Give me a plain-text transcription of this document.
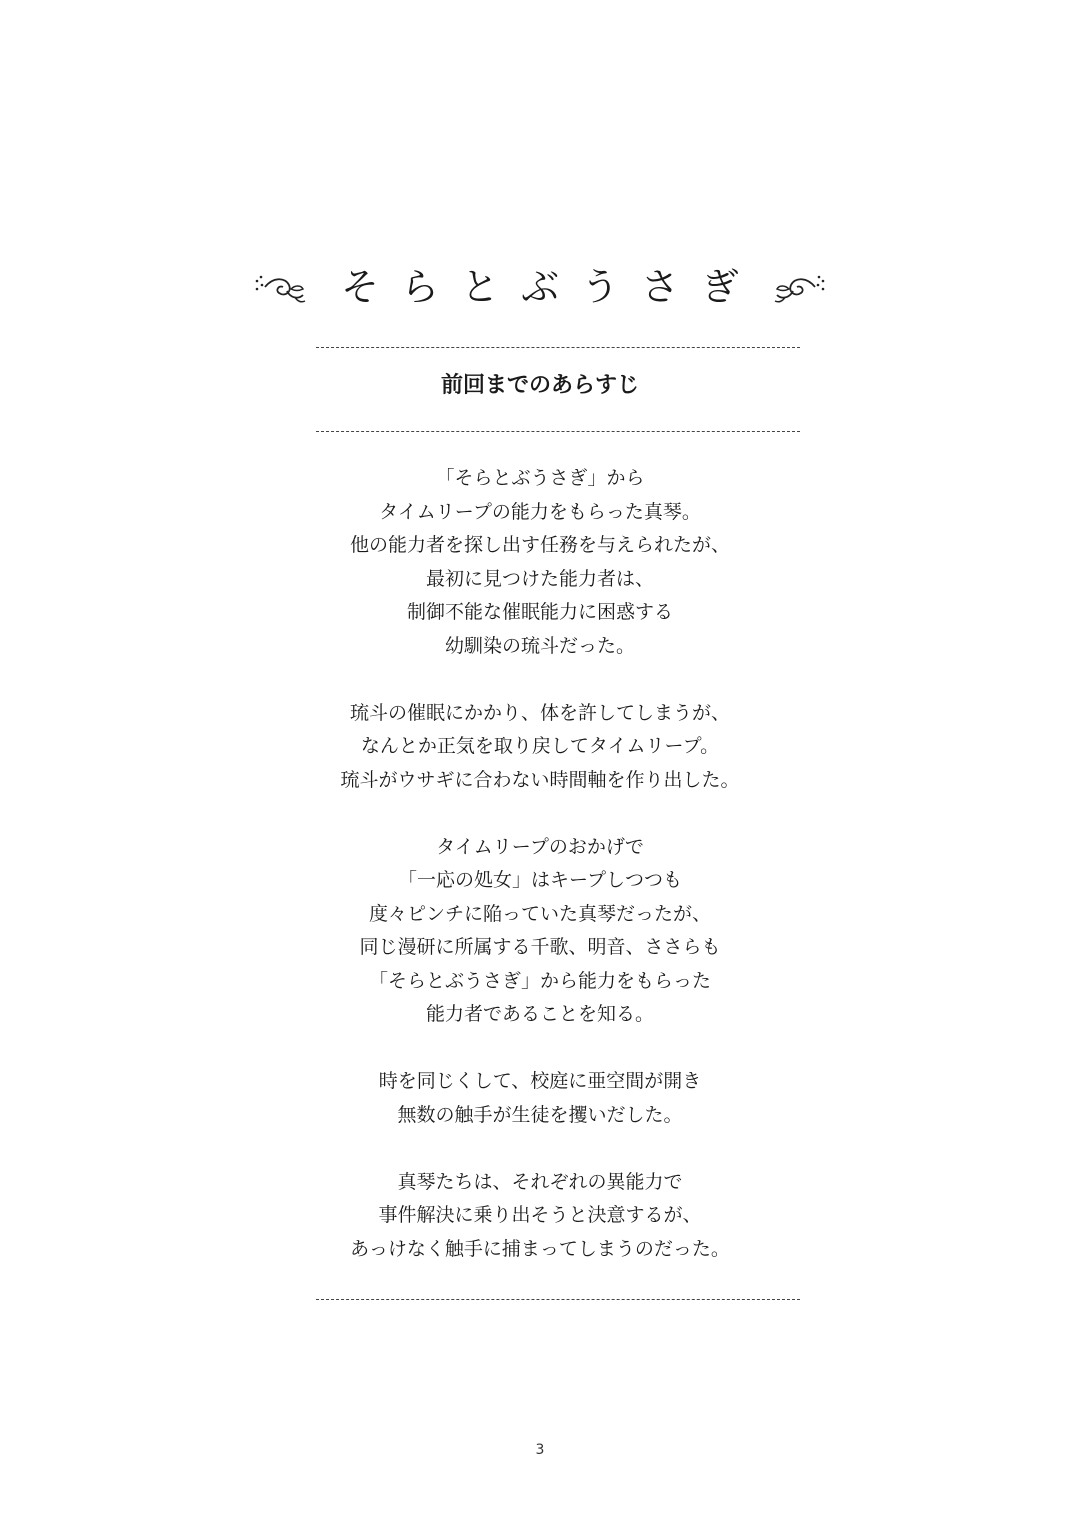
そらとぶうさぎ
前回までのあらすじ
「そらとぶうさぎ」から
タイムリープの能力をもらった真琴。
他の能力者を探し出す任務を与えられたが、
最初に見つけた能力者は、
制御不能な催眠能力に困惑する
幼馴染の琉斗だった。
琉斗の催眠にかかり、体を許してしまうが、
なんとか正気を取り戻してタイムリープ。
琉斗がウサギに合わない時間軸を作り出した。
タイムリープのおかげで
「一応の処女」はキープしつつも
度々ピンチに陥っていた真琴だったが、
同じ漫研に所属する千歌、明音、ささらも
「そらとぶうさぎ」から能力をもらった
能力者であることを知る。
時を同じくして、校庭に亜空間が開き
無数の触手が生徒を攫いだした。
真琴たちは、それぞれの異能力で
事件解決に乗り出そうと決意するが、
あっけなく触手に捕まってしまうのだった。
3
